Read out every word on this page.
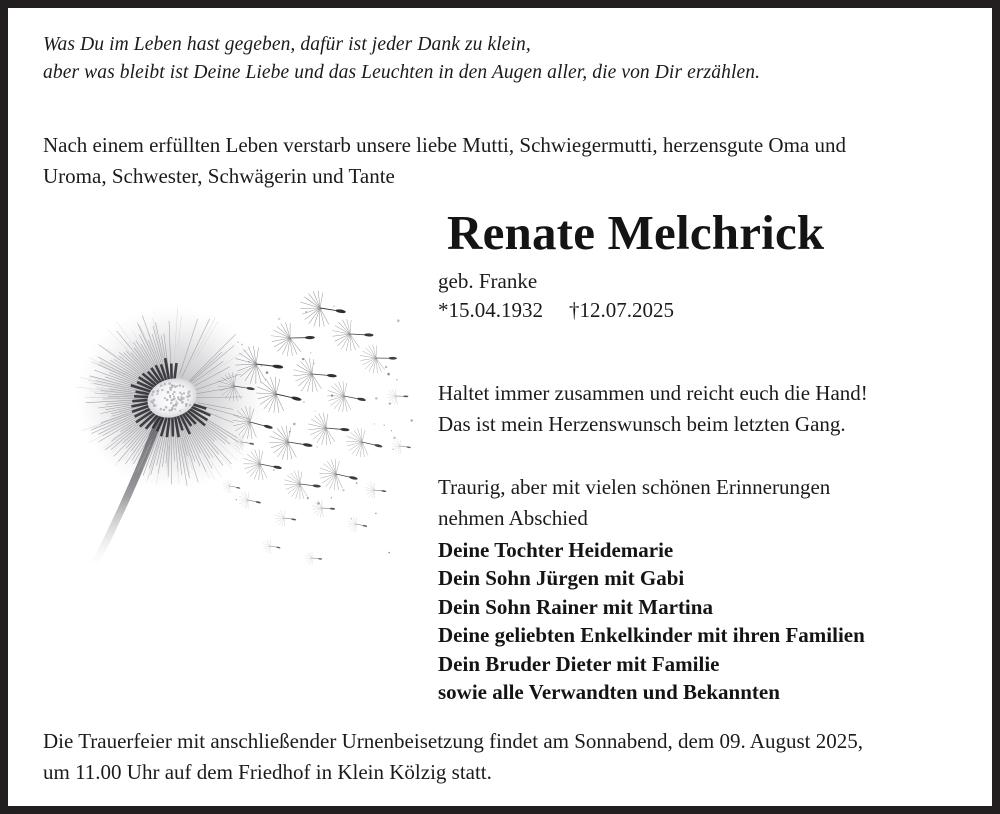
Was Du im Leben hast gegeben, dafür ist jeder Dank zu klein,
aber was bleibt ist Deine Liebe und das Leuchten in den Augen aller, die von Dir erzählen.
Nach einem erfüllten Leben verstarb unsere liebe Mutti, Schwiegermutti, herzensgute Oma und
Uroma, Schwester, Schwägerin und Tante
Renate Melchrick
geb. Franke
*15.04.1932 †12.07.2025
Haltet immer zusammen und reicht euch die Hand!
Das ist mein Herzenswunsch beim letzten Gang.
Traurig, aber mit vielen schönen Erinnerungen
nehmen Abschied
Deine Tochter Heidemarie
Dein Sohn Jürgen mit Gabi
Dein Sohn Rainer mit Martina
Deine geliebten Enkelkinder mit ihren Familien
Dein Bruder Dieter mit Familie
sowie alle Verwandten und Bekannten
Die Trauerfeier mit anschließender Urnenbeisetzung findet am Sonnabend, dem 09. August 2025,
um 11.00 Uhr auf dem Friedhof in Klein Kölzig statt.
